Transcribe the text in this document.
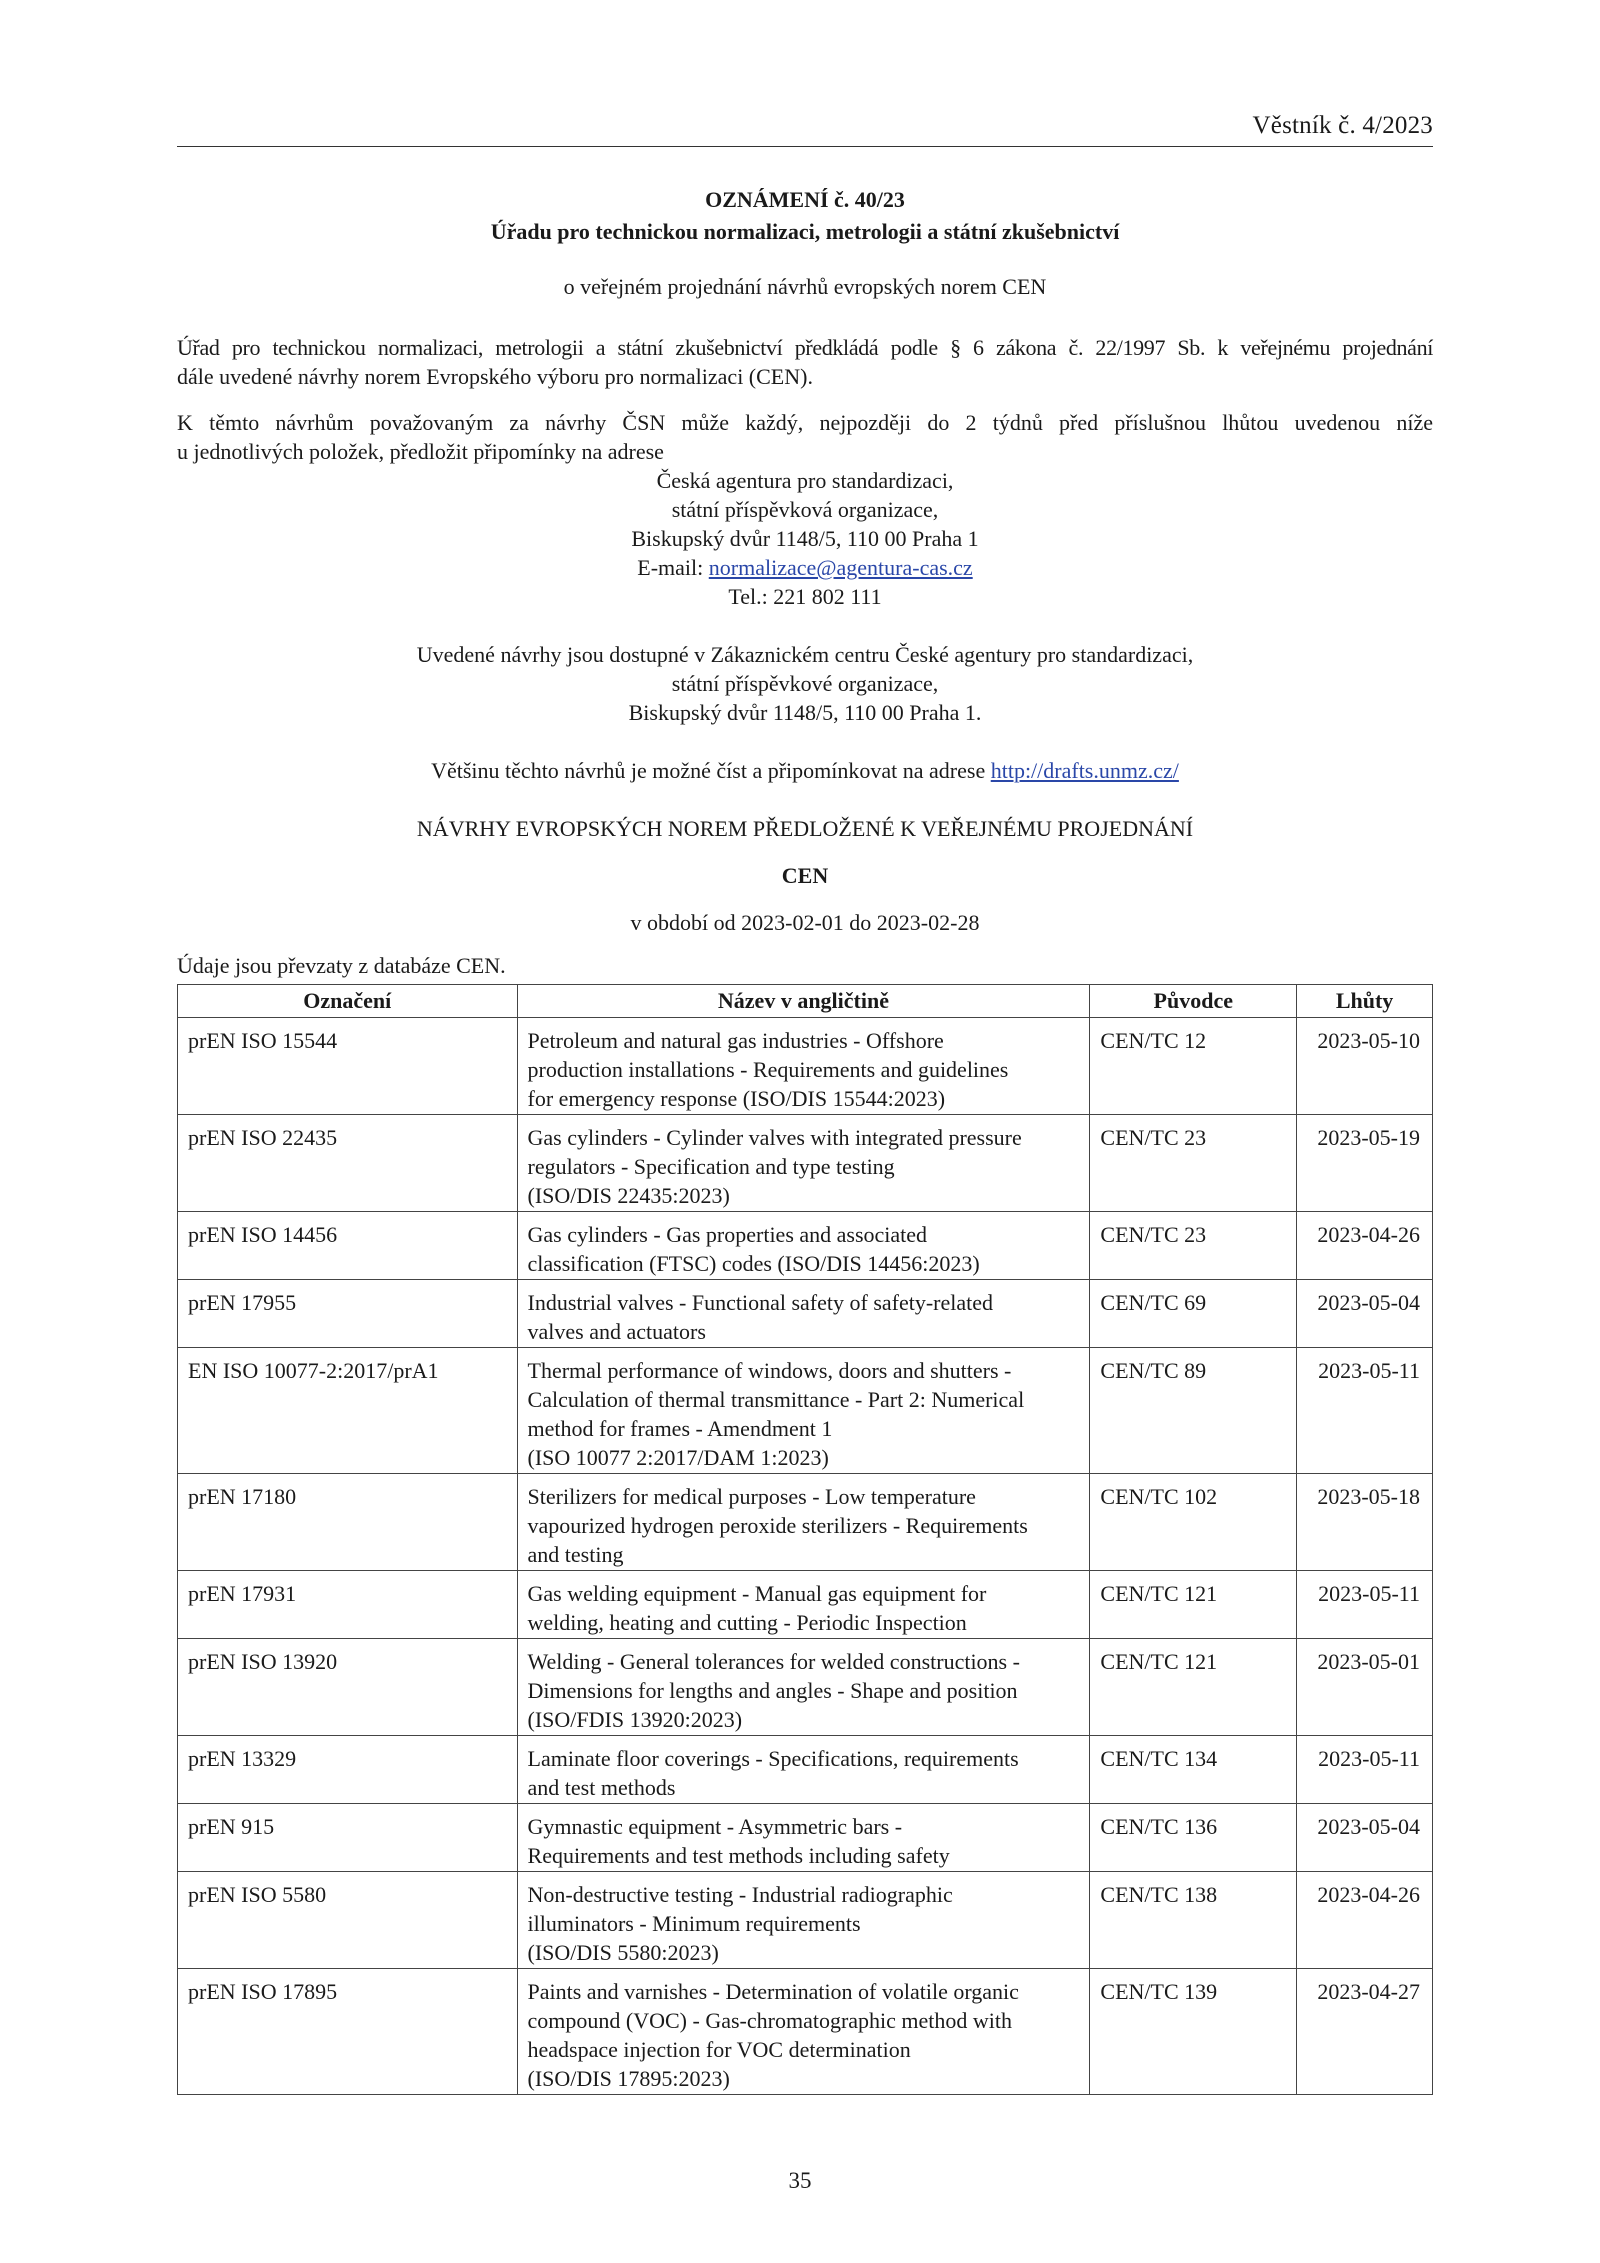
Věstník č. 4/2023
OZNÁMENÍ č. 40/23
Úřadu pro technickou normalizaci, metrologii a státní zkušebnictví
o veřejném projednání návrhů evropských norem CEN
Úřad pro technickou normalizaci, metrologii a státní zkušebnictví předkládá podle § 6 zákona č. 22/1997 Sb. k veřejnému projednání
dále uvedené návrhy norem Evropského výboru pro normalizaci (CEN).
K těmto návrhům považovaným za návrhy ČSN může každý, nejpozději do 2 týdnů před příslušnou lhůtou uvedenou níže
u jednotlivých položek, předložit připomínky na adrese
Česká agentura pro standardizaci,
státní příspěvková organizace,
Biskupský dvůr 1148/5, 110 00 Praha 1
E-mail: normalizace@agentura-cas.cz
Tel.: 221 802 111
Uvedené návrhy jsou dostupné v Zákaznickém centru České agentury pro standardizaci,
státní příspěvkové organizace,
Biskupský dvůr 1148/5, 110 00 Praha 1.
Většinu těchto návrhů je možné číst a připomínkovat na adrese http://drafts.unmz.cz/
NÁVRHY EVROPSKÝCH NOREM PŘEDLOŽENÉ K VEŘEJNÉMU PROJEDNÁNÍ
CEN
v období od 2023-02-01 do 2023-02-28
Údaje jsou převzaty z databáze CEN.
Označení	Název v angličtině	Původce	Lhůty
prEN ISO 15544	Petroleum and natural gas industries - Offshore
production installations - Requirements and guidelines
for emergency response (ISO/DIS 15544:2023)	CEN/TC 12	2023-05-10
prEN ISO 22435	Gas cylinders - Cylinder valves with integrated pressure
regulators - Specification and type testing
(ISO/DIS 22435:2023)	CEN/TC 23	2023-05-19
prEN ISO 14456	Gas cylinders - Gas properties and associated
classification (FTSC) codes (ISO/DIS 14456:2023)	CEN/TC 23	2023-04-26
prEN 17955	Industrial valves - Functional safety of safety-related
valves and actuators	CEN/TC 69	2023-05-04
EN ISO 10077-2:2017/prA1	Thermal performance of windows, doors and shutters -
Calculation of thermal transmittance - Part 2: Numerical
method for frames - Amendment 1
(ISO 10077 2:2017/DAM 1:2023)	CEN/TC 89	2023-05-11
prEN 17180	Sterilizers for medical purposes - Low temperature
vapourized hydrogen peroxide sterilizers - Requirements
and testing	CEN/TC 102	2023-05-18
prEN 17931	Gas welding equipment - Manual gas equipment for
welding, heating and cutting - Periodic Inspection	CEN/TC 121	2023-05-11
prEN ISO 13920	Welding - General tolerances for welded constructions -
Dimensions for lengths and angles - Shape and position
(ISO/FDIS 13920:2023)	CEN/TC 121	2023-05-01
prEN 13329	Laminate floor coverings - Specifications, requirements
and test methods	CEN/TC 134	2023-05-11
prEN 915	Gymnastic equipment - Asymmetric bars -
Requirements and test methods including safety	CEN/TC 136	2023-05-04
prEN ISO 5580	Non-destructive testing - Industrial radiographic
illuminators - Minimum requirements
(ISO/DIS 5580:2023)	CEN/TC 138	2023-04-26
prEN ISO 17895	Paints and varnishes - Determination of volatile organic
compound (VOC) - Gas-chromatographic method with
headspace injection for VOC determination
(ISO/DIS 17895:2023)	CEN/TC 139	2023-04-27
35
